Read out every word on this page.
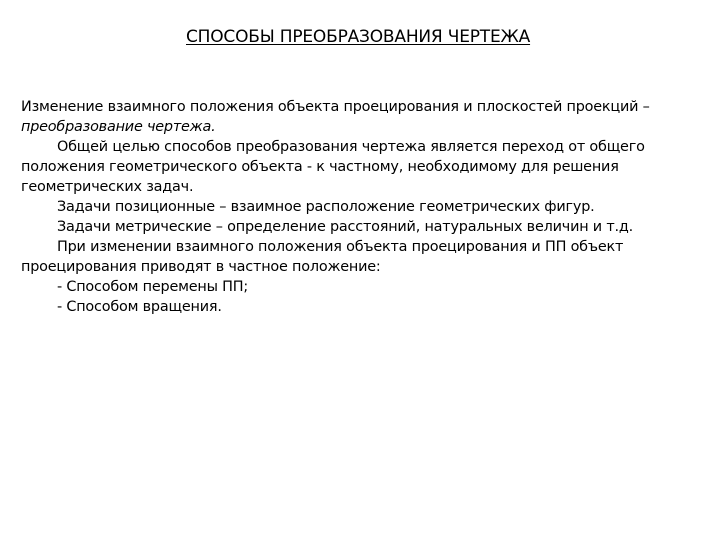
СПОСОБЫ ПРЕОБРАЗОВАНИЯ ЧЕРТЕЖА
Изменение взаимного положения объекта проецирования и плоскостей проекций –
преобразование чертежа.
Общей целью способов преобразования чертежа является переход от общего
положения геометрического объекта - к частному, необходимому для решения
геометрических задач.
Задачи позиционные – взаимное расположение геометрических фигур.
Задачи метрические – определение расстояний, натуральных величин и т.д.
При изменении взаимного положения объекта проецирования и ПП объект
проецирования приводят в частное положение:
- Способом перемены ПП;
- Способом вращения.
